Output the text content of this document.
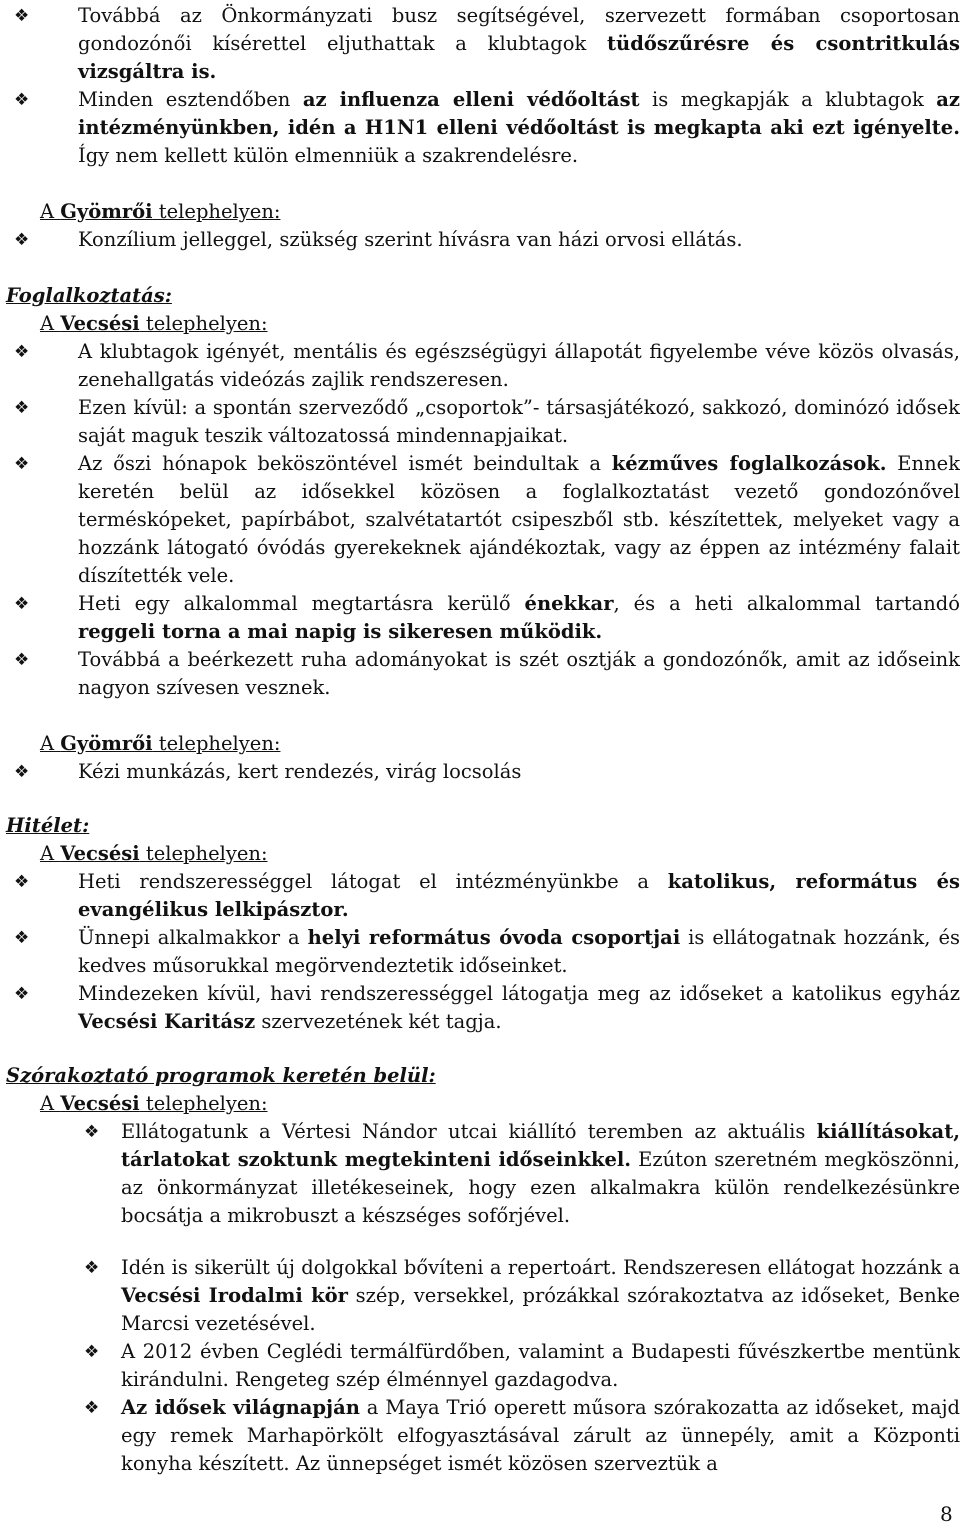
❖	Továbbá az Önkormányzati busz segítségével, szervezett formában csoportosan gondozónői kísérettel eljuthattak a klubtagok tüdőszűrésre és csontritkulás vizsgáltra is.
❖	Minden esztendőben az influenza elleni védőoltást is megkapják a klubtagok az intézményünkben, idén a H1N1 elleni védőoltást is megkapta aki ezt igényelte. Így nem kellett külön elmenniük a szakrendelésre.
A Gyömrői telephelyen:
❖	Konzílium jelleggel, szükség szerint hívásra van házi orvosi ellátás.
Foglalkoztatás:
A Vecsési telephelyen:
❖	A klubtagok igényét, mentális és egészségügyi állapotát figyelembe véve közös olvasás, zenehallgatás videózás zajlik rendszeresen.
❖	Ezen kívül: a spontán szerveződő „csoportok”- társasjátékozó, sakkozó, dominózó idősek saját maguk teszik változatossá mindennapjaikat.
❖	Az őszi hónapok beköszöntével ismét beindultak a kézműves foglalkozások. Ennek keretén belül az idősekkel közösen a foglalkoztatást vezető gondozónővel terméskópeket, papírbábot, szalvétatartót csipeszből stb. készítettek, melyeket vagy a hozzánk látogató óvódás gyerekeknek ajándékoztak, vagy az éppen az intézmény falait díszítették vele.
❖	Heti egy alkalommal megtartásra kerülő énekkar, és a heti alkalommal tartandó reggeli torna a mai napig is sikeresen működik.
❖	Továbbá a beérkezett ruha adományokat is szét osztják a gondozónők, amit az időseink nagyon szívesen vesznek.
A Gyömrői telephelyen:
❖	Kézi munkázás, kert rendezés, virág locsolás
Hitélet:
A Vecsési telephelyen:
❖	Heti rendszerességgel látogat el intézményünkbe a katolikus, református és evangélikus lelkipásztor.
❖	Ünnepi alkalmakkor a helyi református óvoda csoportjai is ellátogatnak hozzánk, és kedves műsorukkal megörvendeztetik időseinket.
❖	Mindezeken kívül, havi rendszerességgel látogatja meg az időseket a katolikus egyház Vecsési Karitász szervezetének két tagja.
Szórakoztató programok keretén belül:
A Vecsési telephelyen:
❖	Ellátogatunk a Vértesi Nándor utcai kiállító teremben az aktuális kiállításokat, tárlatokat szoktunk megtekinteni időseinkkel. Ezúton szeretném megköszönni, az önkormányzat illetékeseinek, hogy ezen alkalmakra külön rendelkezésünkre bocsátja a mikrobuszt a készséges sofőrjével.
❖	Idén is sikerült új dolgokkal bővíteni a repertoárt. Rendszeresen ellátogat hozzánk a Vecsési Irodalmi kör szép, versekkel, prózákkal szórakoztatva az időseket, Benke Marcsi vezetésével.
❖	A 2012 évben Ceglédi termálfürdőben, valamint a Budapesti fűvészkertbe mentünk kirándulni. Rengeteg szép élménnyel gazdagodva.
❖	Az idősek világnapján a Maya Trió operett műsora szórakozatta az időseket, majd egy remek Marhapörkölt elfogyasztásával zárult az ünnepély, amit a Központi konyha készített. Az ünnepséget ismét közösen szerveztük a
8
